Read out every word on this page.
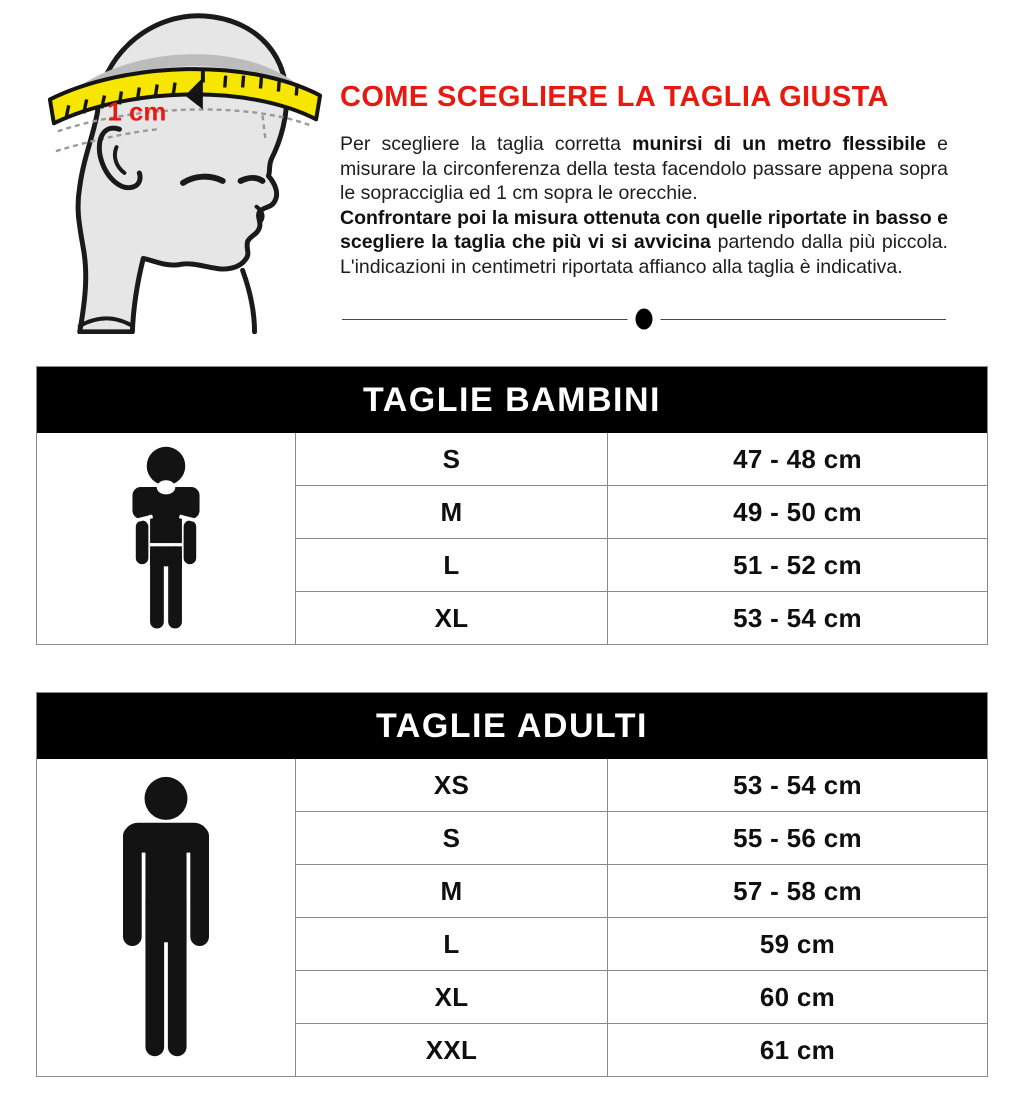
1 cm	COME SCEGLIERE LA TAGLIA GIUSTA

Per scegliere la taglia corretta munirsi di un metro flessibile e misurare la circonferenza della testa facendolo passare appena sopra le sopracciglia ed 1 cm sopra le orecchie.

Confrontare poi la misura ottenuta con quelle riportate in basso e scegliere la taglia che più vi si avvicina partendo dalla più piccola. L'indicazioni in centimetri riportata affianco alla taglia è indicativa.

TAGLIE BAMBINI
S	47 - 48 cm
M	49 - 50 cm
L	51 - 52 cm
XL	53 - 54 cm
TAGLIE ADULTI
XS	53 - 54 cm
S	55 - 56 cm
M	57 - 58 cm
L	59 cm
XL	60 cm
XXL	61 cm
